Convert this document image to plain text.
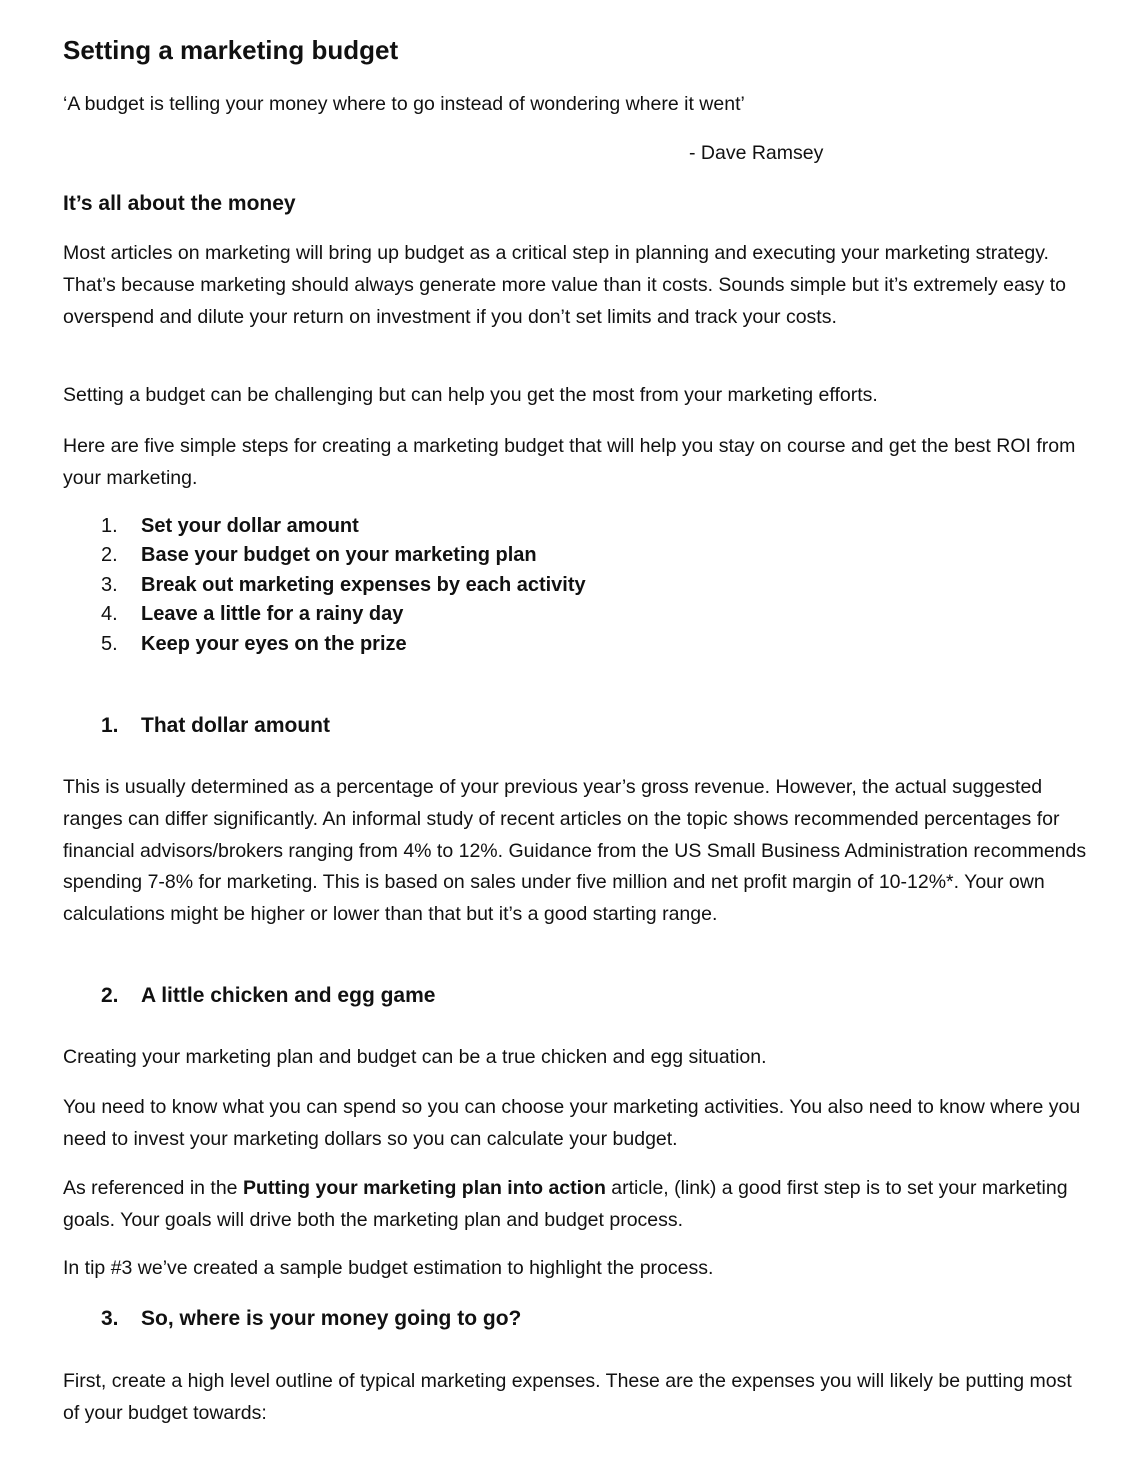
Setting a marketing budget

‘A budget is telling your money where to go instead of wondering where it went’

- Dave Ramsey

It’s all about the money

Most articles on marketing will bring up budget as a critical step in planning and executing your marketing strategy. That’s because marketing should always generate more value than it costs. Sounds simple but it’s extremely easy to overspend and dilute your return on investment if you don’t set limits and track your costs.

Setting a budget can be challenging but can help you get the most from your marketing efforts.

Here are five simple steps for creating a marketing budget that will help you stay on course and get the best ROI from your marketing.

1.	Set your dollar amount
2.	Base your budget on your marketing plan
3.	Break out marketing expenses by each activity
4.	Leave a little for a rainy day
5.	Keep your eyes on the prize
1.	That dollar amount

This is usually determined as a percentage of your previous year’s gross revenue. However, the actual suggested ranges can differ significantly. An informal study of recent articles on the topic shows recommended percentages for financial advisors/brokers ranging from 4% to 12%. Guidance from the US Small Business Administration recommends spending 7-8% for marketing. This is based on sales under five million and net profit margin of 10-12%*. Your own calculations might be higher or lower than that but it’s a good starting range.

2.	A little chicken and egg game

Creating your marketing plan and budget can be a true chicken and egg situation.

You need to know what you can spend so you can choose your marketing activities. You also need to know where you need to invest your marketing dollars so you can calculate your budget.

As referenced in the Putting your marketing plan into action article, (link) a good first step is to set your marketing goals. Your goals will drive both the marketing plan and budget process.

In tip #3 we’ve created a sample budget estimation to highlight the process.

3.	So, where is your money going to go?

First, create a high level outline of typical marketing expenses. These are the expenses you will likely be putting most of your budget towards:
